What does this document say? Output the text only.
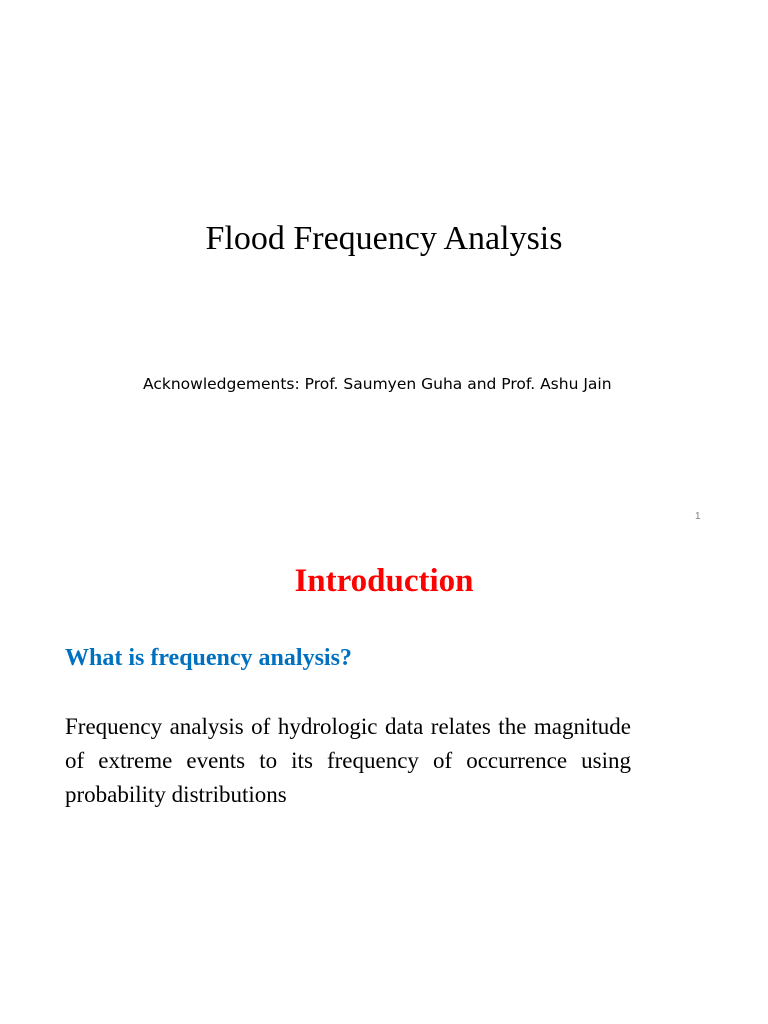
Flood Frequency Analysis
Acknowledgements: Prof. Saumyen Guha and Prof. Ashu Jain
1
Introduction
What is frequency analysis?

Frequency analysis of hydrologic data relates the magnitude of extreme events to its frequency of occurrence using probability distributions
